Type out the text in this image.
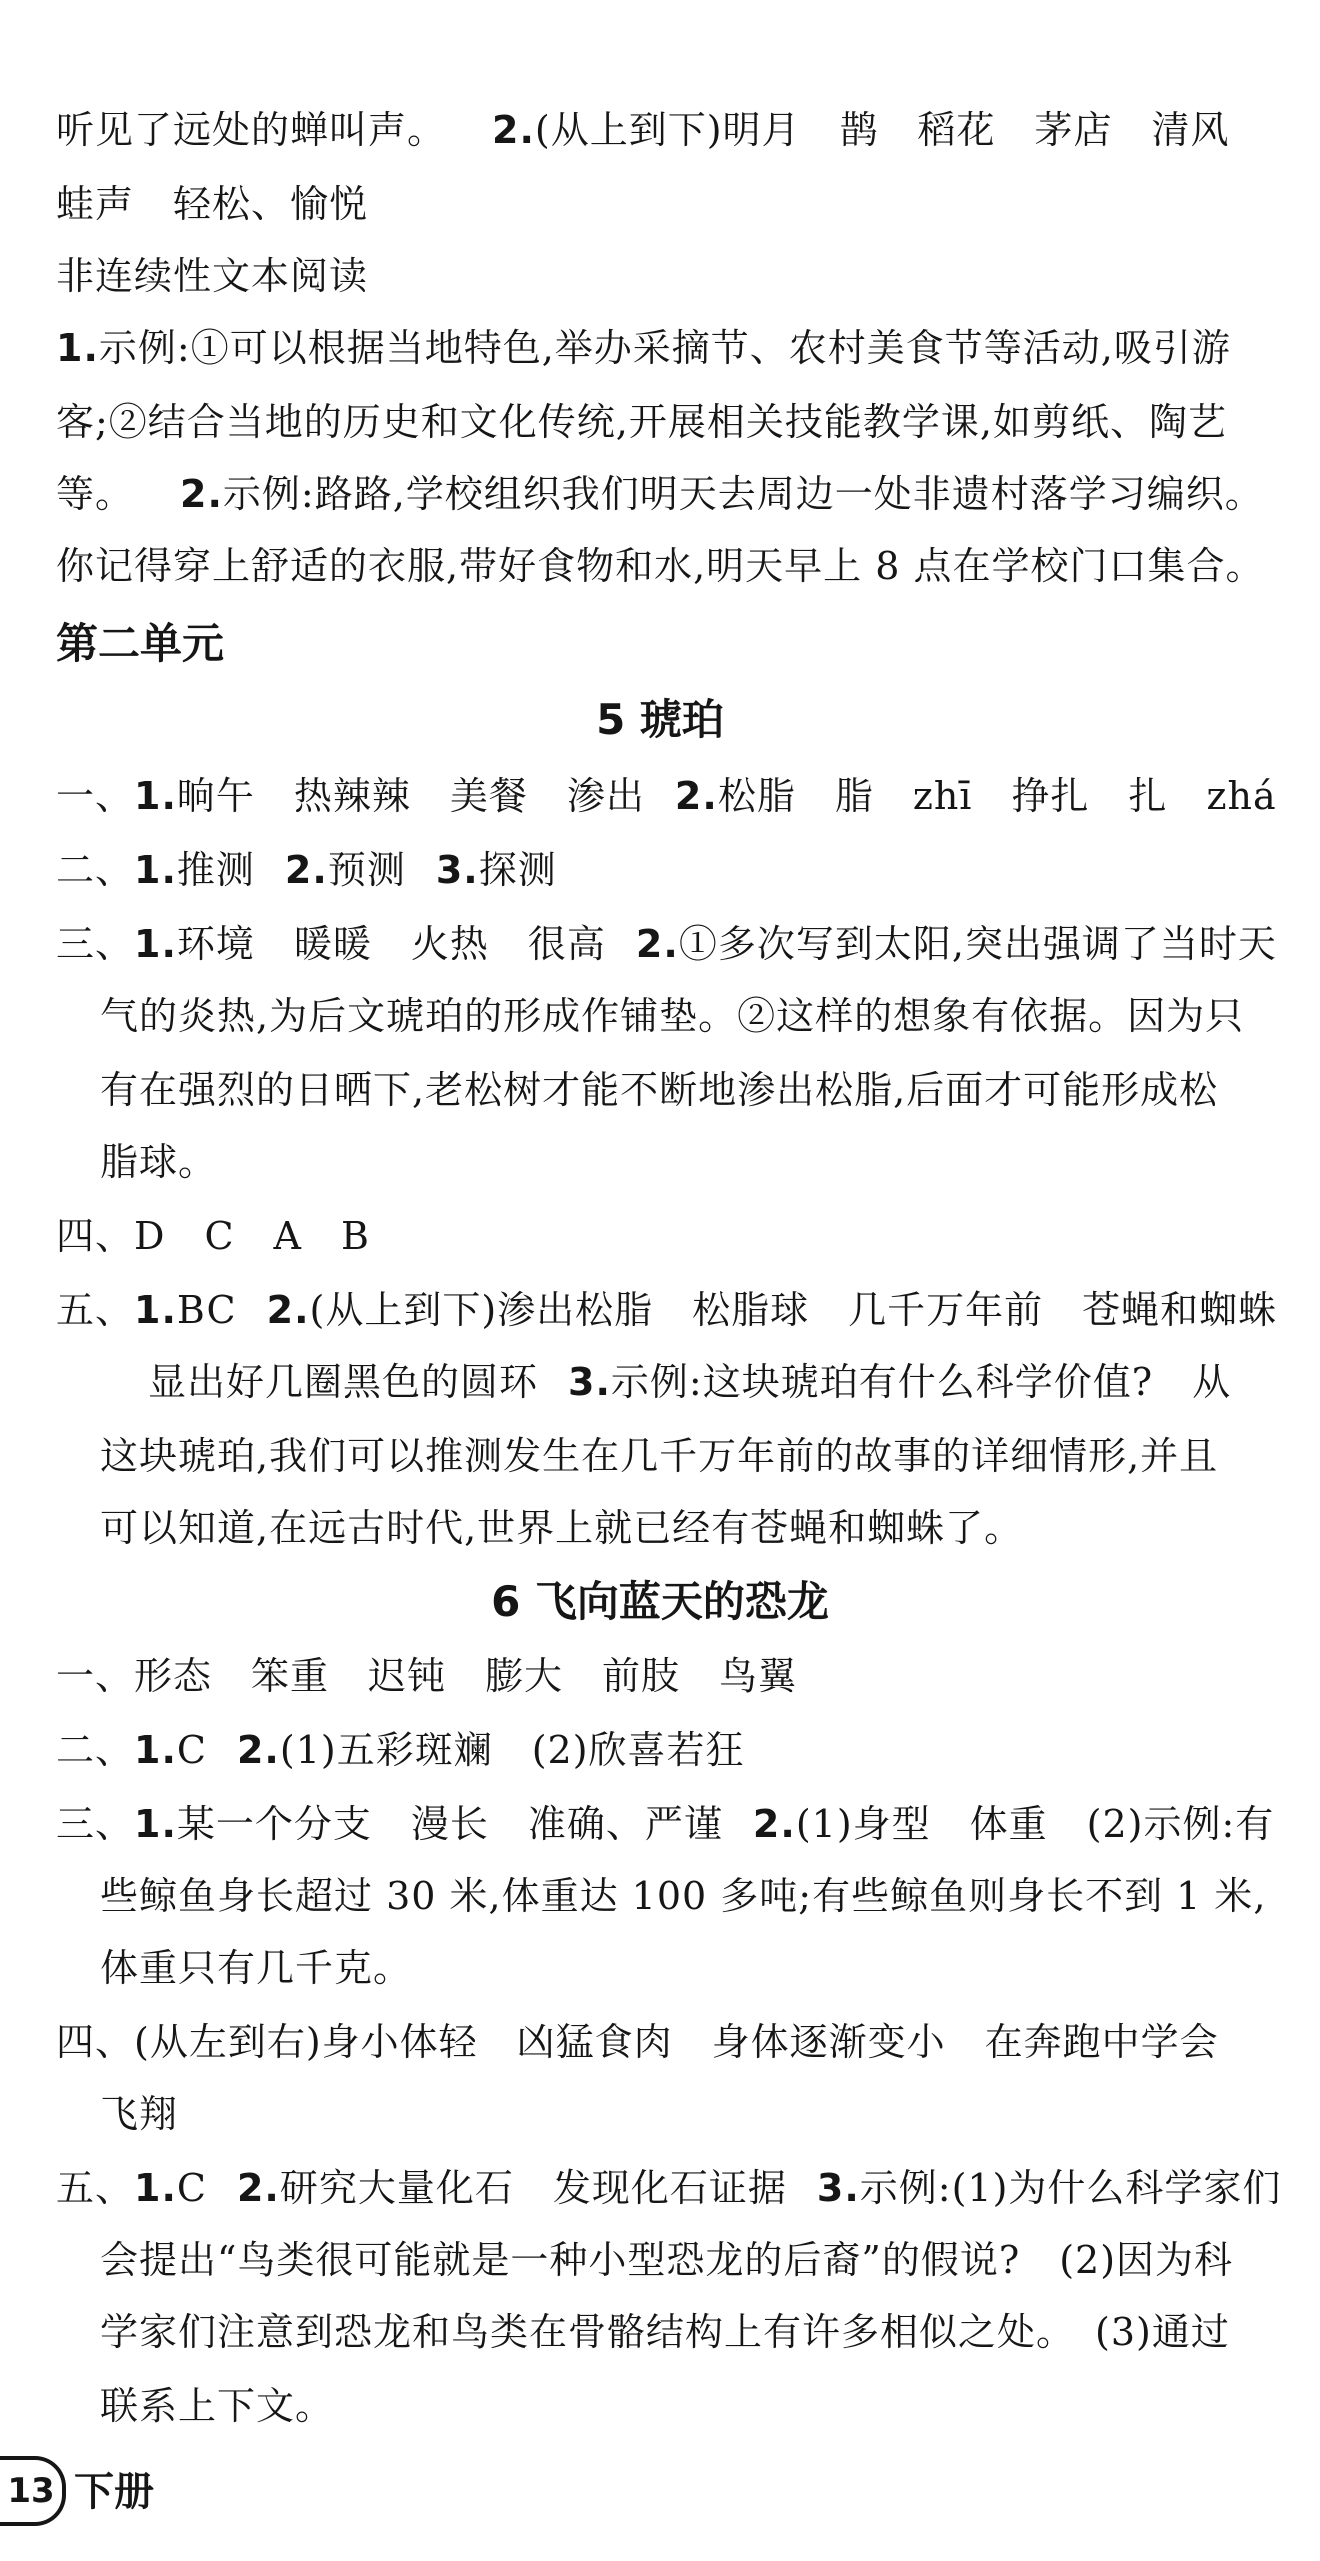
听见了远处的蝉叫声。 2.(从上到下)明月　鹊　稻花　茅店　清风
蛙声　轻松、愉悦
非连续性文本阅读
1.示例:①可以根据当地特色,举办采摘节、农村美食节等活动,吸引游
客;②结合当地的历史和文化传统,开展相关技能教学课,如剪纸、陶艺
等。 2.示例:路路,学校组织我们明天去周边一处非遗村落学习编织。
你记得穿上舒适的衣服,带好食物和水,明天早上 8 点在学校门口集合。
第二单元
5 琥珀
一、1.晌午　热辣辣　美餐　渗出 2.松脂　脂　zhī　挣扎　扎　zhá
二、1.推测 2.预测 3.探测
三、1.环境　暖暖　火热　很高 2.①多次写到太阳,突出强调了当时天
气的炎热,为后文琥珀的形成作铺垫。②这样的想象有依据。因为只
有在强烈的日晒下,老松树才能不断地渗出松脂,后面才可能形成松
脂球。
四、D　C　A　B
五、1.BC 2.(从上到下)渗出松脂　松脂球　几千万年前　苍蝇和蜘蛛
显出好几圈黑色的圆环 3.示例:这块琥珀有什么科学价值?　从
这块琥珀,我们可以推测发生在几千万年前的故事的详细情形,并且
可以知道,在远古时代,世界上就已经有苍蝇和蜘蛛了。
6 飞向蓝天的恐龙
一、形态　笨重　迟钝　膨大　前肢　鸟翼
二、1.C 2.(1)五彩斑斓　(2)欣喜若狂
三、1.某一个分支　漫长　准确、严谨 2.(1)身型　体重　(2)示例:有
些鲸鱼身长超过 30 米,体重达 100 多吨;有些鲸鱼则身长不到 1 米,
体重只有几千克。
四、(从左到右)身小体轻　凶猛食肉　身体逐渐变小　在奔跑中学会
飞翔
五、1.C 2.研究大量化石　发现化石证据 3.示例:(1)为什么科学家们
会提出“鸟类很可能就是一种小型恐龙的后裔”的假说?　(2)因为科
学家们注意到恐龙和鸟类在骨骼结构上有许多相似之处。　(3)通过
联系上下文。
13 下册
